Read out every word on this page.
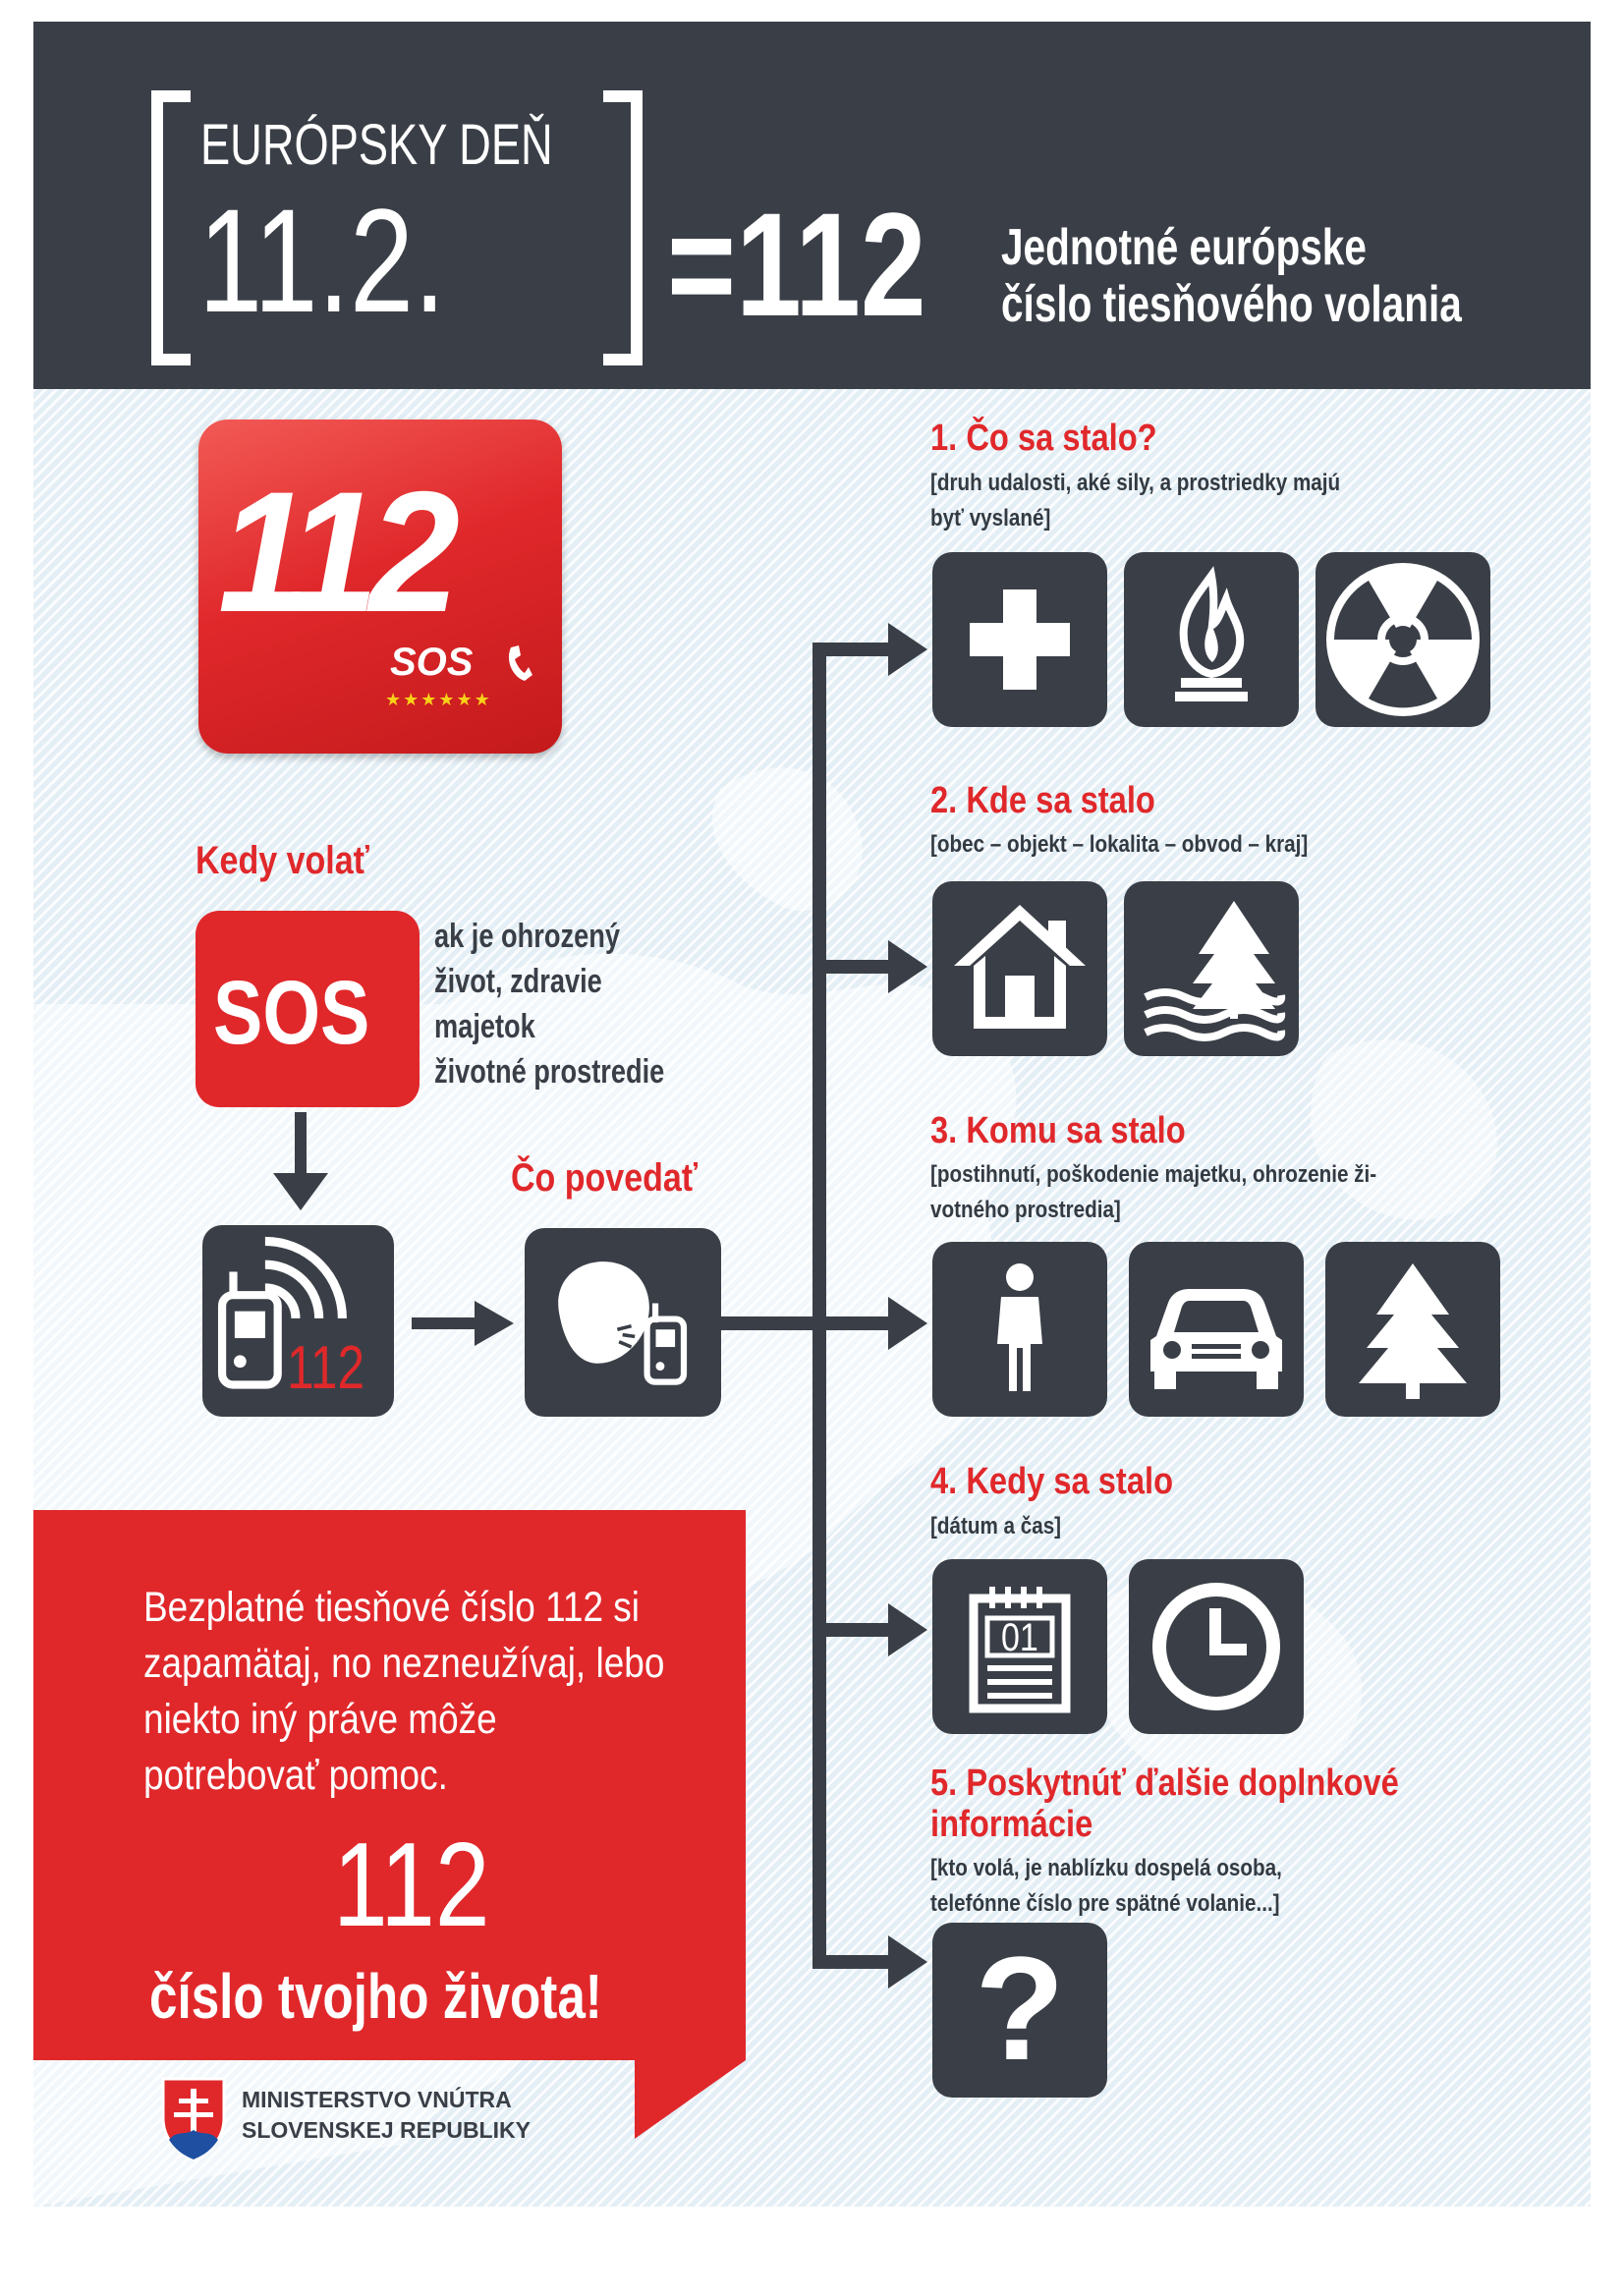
EURÓPSKY DEŇ
11.2. =112 Jednotné európske
číslo tiesňového volania
112
SOS
★★★★★★
Kedy volať
SOS
ak je ohrozený
život, zdravie
majetok
životné prostredie
112
Čo povedať
1. Čo sa stalo?
[druh udalosti, aké sily, a prostriedky majú
byť vyslané]
2. Kde sa stalo
[obec – objekt – lokalita – obvod – kraj]
3. Komu sa stalo
[postihnutí, poškodenie majetku, ohrozenie ži-
votného prostredia]
4. Kedy sa stalo
[dátum a čas]
01
5. Poskytnúť ďalšie doplnkové
informácie
[kto volá, je nablízku dospelá osoba,
telefónne číslo pre spätné volanie...]
?
Bezplatné tiesňové číslo 112 si
zapamätaj, no nezneužívaj, lebo
niekto iný práve môže
potrebovať pomoc.
112
číslo tvojho života!
MINISTERSTVO VNÚTRA
SLOVENSKEJ REPUBLIKY
